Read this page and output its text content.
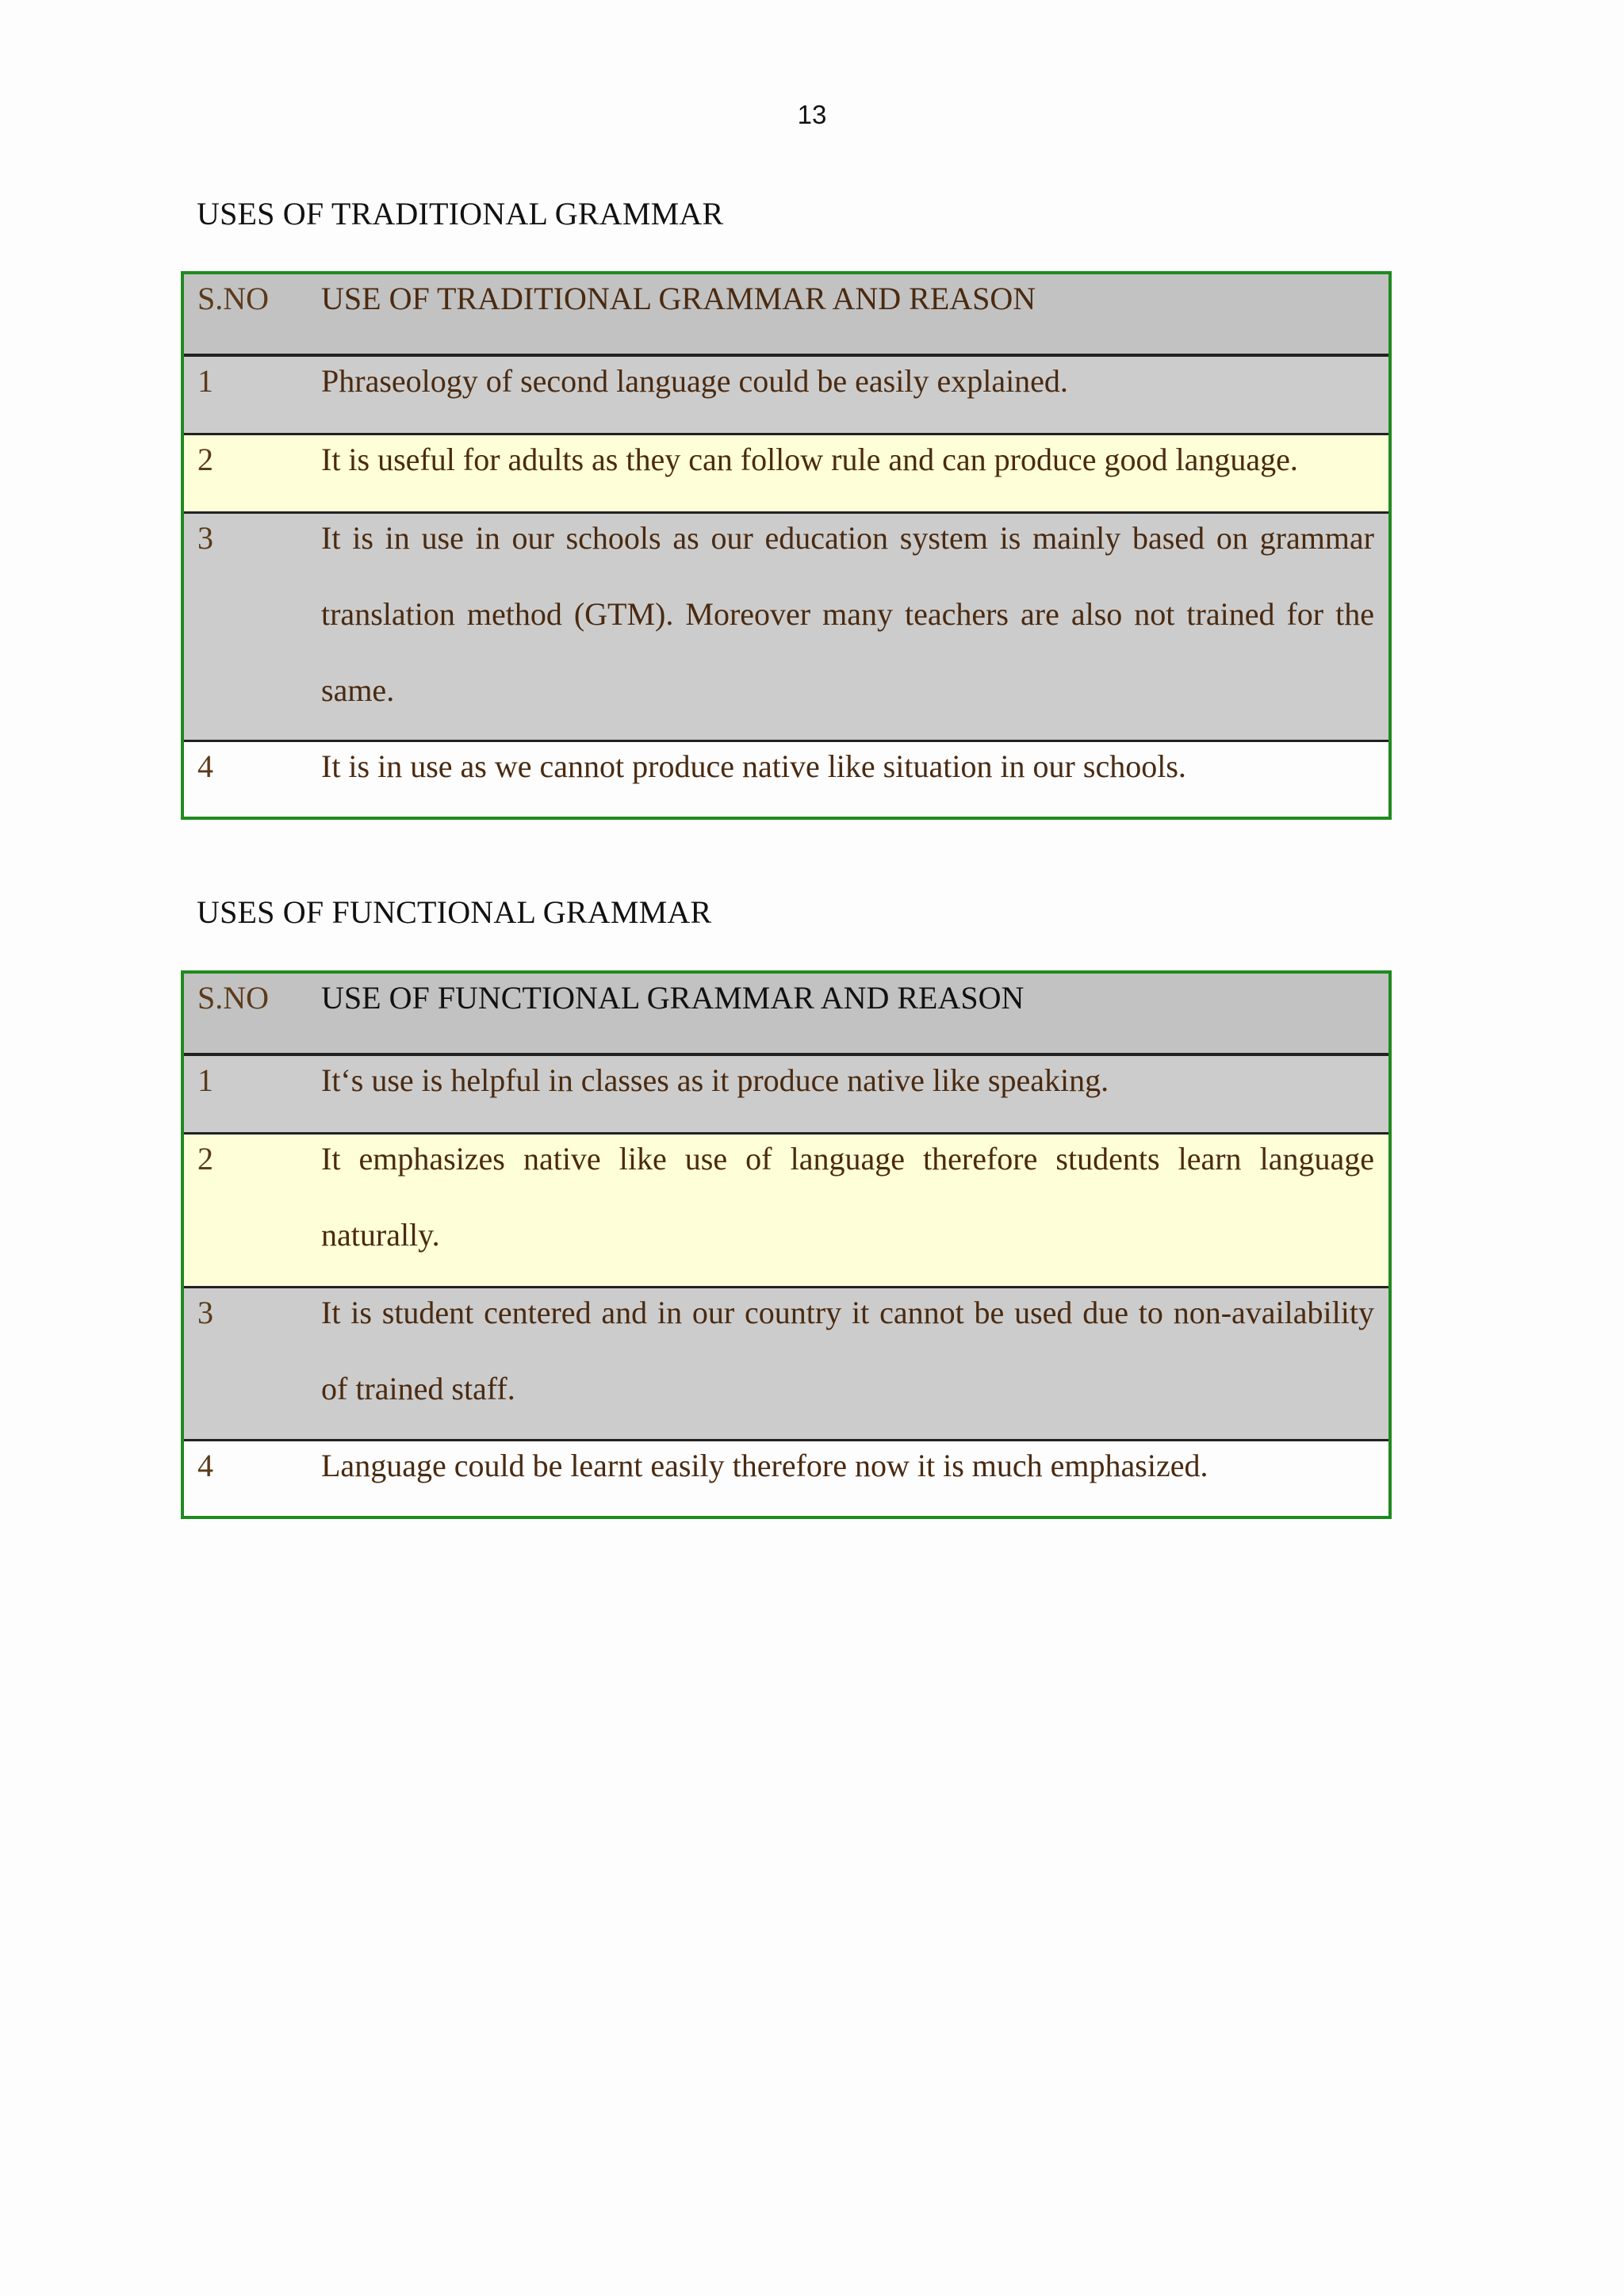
13
USES OF TRADITIONAL GRAMMAR
S.NO	USE OF TRADITIONAL GRAMMAR AND REASON
1	Phraseology of second language could be easily explained.
2	It is useful for adults as they can follow rule and can produce good language.
3	It is in use in our schools as our education system is mainly based on grammar translation method (GTM). Moreover many teachers are also not trained for the same.
4	It is in use as we cannot produce native like situation in our schools.
USES OF FUNCTIONAL GRAMMAR
S.NO	USE OF FUNCTIONAL GRAMMAR AND REASON
1	It‘s use is helpful in classes as it produce native like speaking.
2	It emphasizes native like use of language therefore students learn language naturally.
3	It is student centered and in our country it cannot be used due to non-availability of trained staff.
4	Language could be learnt easily therefore now it is much emphasized.
